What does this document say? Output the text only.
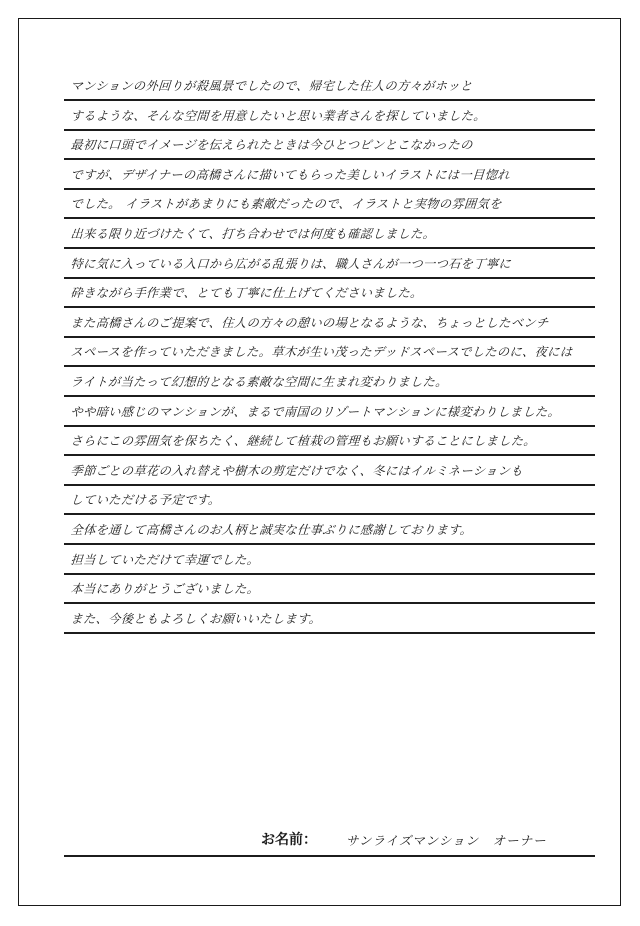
マンションの外回りが殺風景でしたので、帰宅した住人の方々がホッと
するような、そんな空間を用意したいと思い業者さんを探していました。
最初に口頭でイメージを伝えられたときは今ひとつピンとこなかったの
ですが、デザイナーの高橋さんに描いてもらった美しいイラストには一目惚れ
でした。 イラストがあまりにも素敵だったので、イラストと実物の雰囲気を
出来る限り近づけたくて、打ち合わせでは何度も確認しました。
特に気に入っている入口から広がる乱張りは、職人さんが一つ一つ石を丁寧に
砕きながら手作業で、とても丁寧に仕上げてくださいました。
また高橋さんのご提案で、住人の方々の憩いの場となるような、ちょっとしたベンチ
スペースを作っていただきました。草木が生い茂ったデッドスペースでしたのに、夜には
ライトが当たって幻想的となる素敵な空間に生まれ変わりました。
やや暗い感じのマンションが、まるで南国のリゾートマンションに様変わりしました。
さらにこの雰囲気を保ちたく、継続して植栽の管理もお願いすることにしました。
季節ごとの草花の入れ替えや樹木の剪定だけでなく、冬にはイルミネーションも
していただける予定です。
全体を通して高橋さんのお人柄と誠実な仕事ぶりに感謝しております。
担当していただけて幸運でした。
本当にありがとうございました。
また、今後ともよろしくお願いいたします。
お名前： サンライズマンション　オーナー
